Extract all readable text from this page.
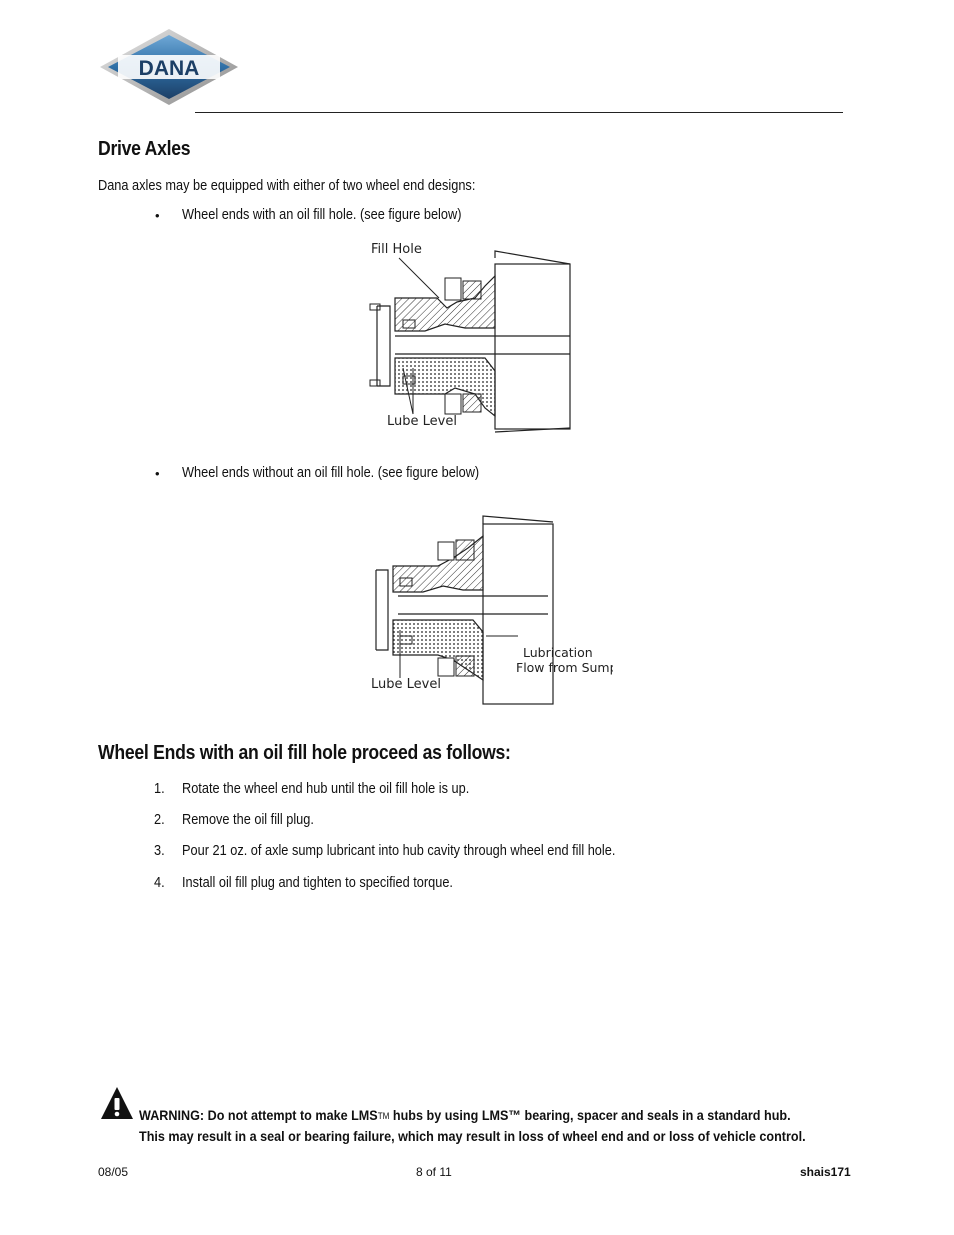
DANA
Drive Axles
Dana axles may be equipped with either of two wheel end designs:
• Wheel ends with an oil fill hole. (see figure below)
Fill Hole
Lube Level
• Wheel ends without an oil fill hole. (see figure below)
Lubrication
Flow from Sump
Lube Level
Wheel Ends with an oil fill hole proceed as follows:
1. Rotate the wheel end hub until the oil fill hole is up.
2. Remove the oil fill plug.
3. Pour 21 oz. of axle sump lubricant into hub cavity through wheel end fill hole.
4. Install oil fill plug and tighten to specified torque.
WARNING: Do not attempt to make LMSTM hubs by using LMS™ bearing, spacer and seals in a standard hub.
This may result in a seal or bearing failure, which may result in loss of wheel end and or loss of vehicle control.
08/05	8 of 11	shais171
